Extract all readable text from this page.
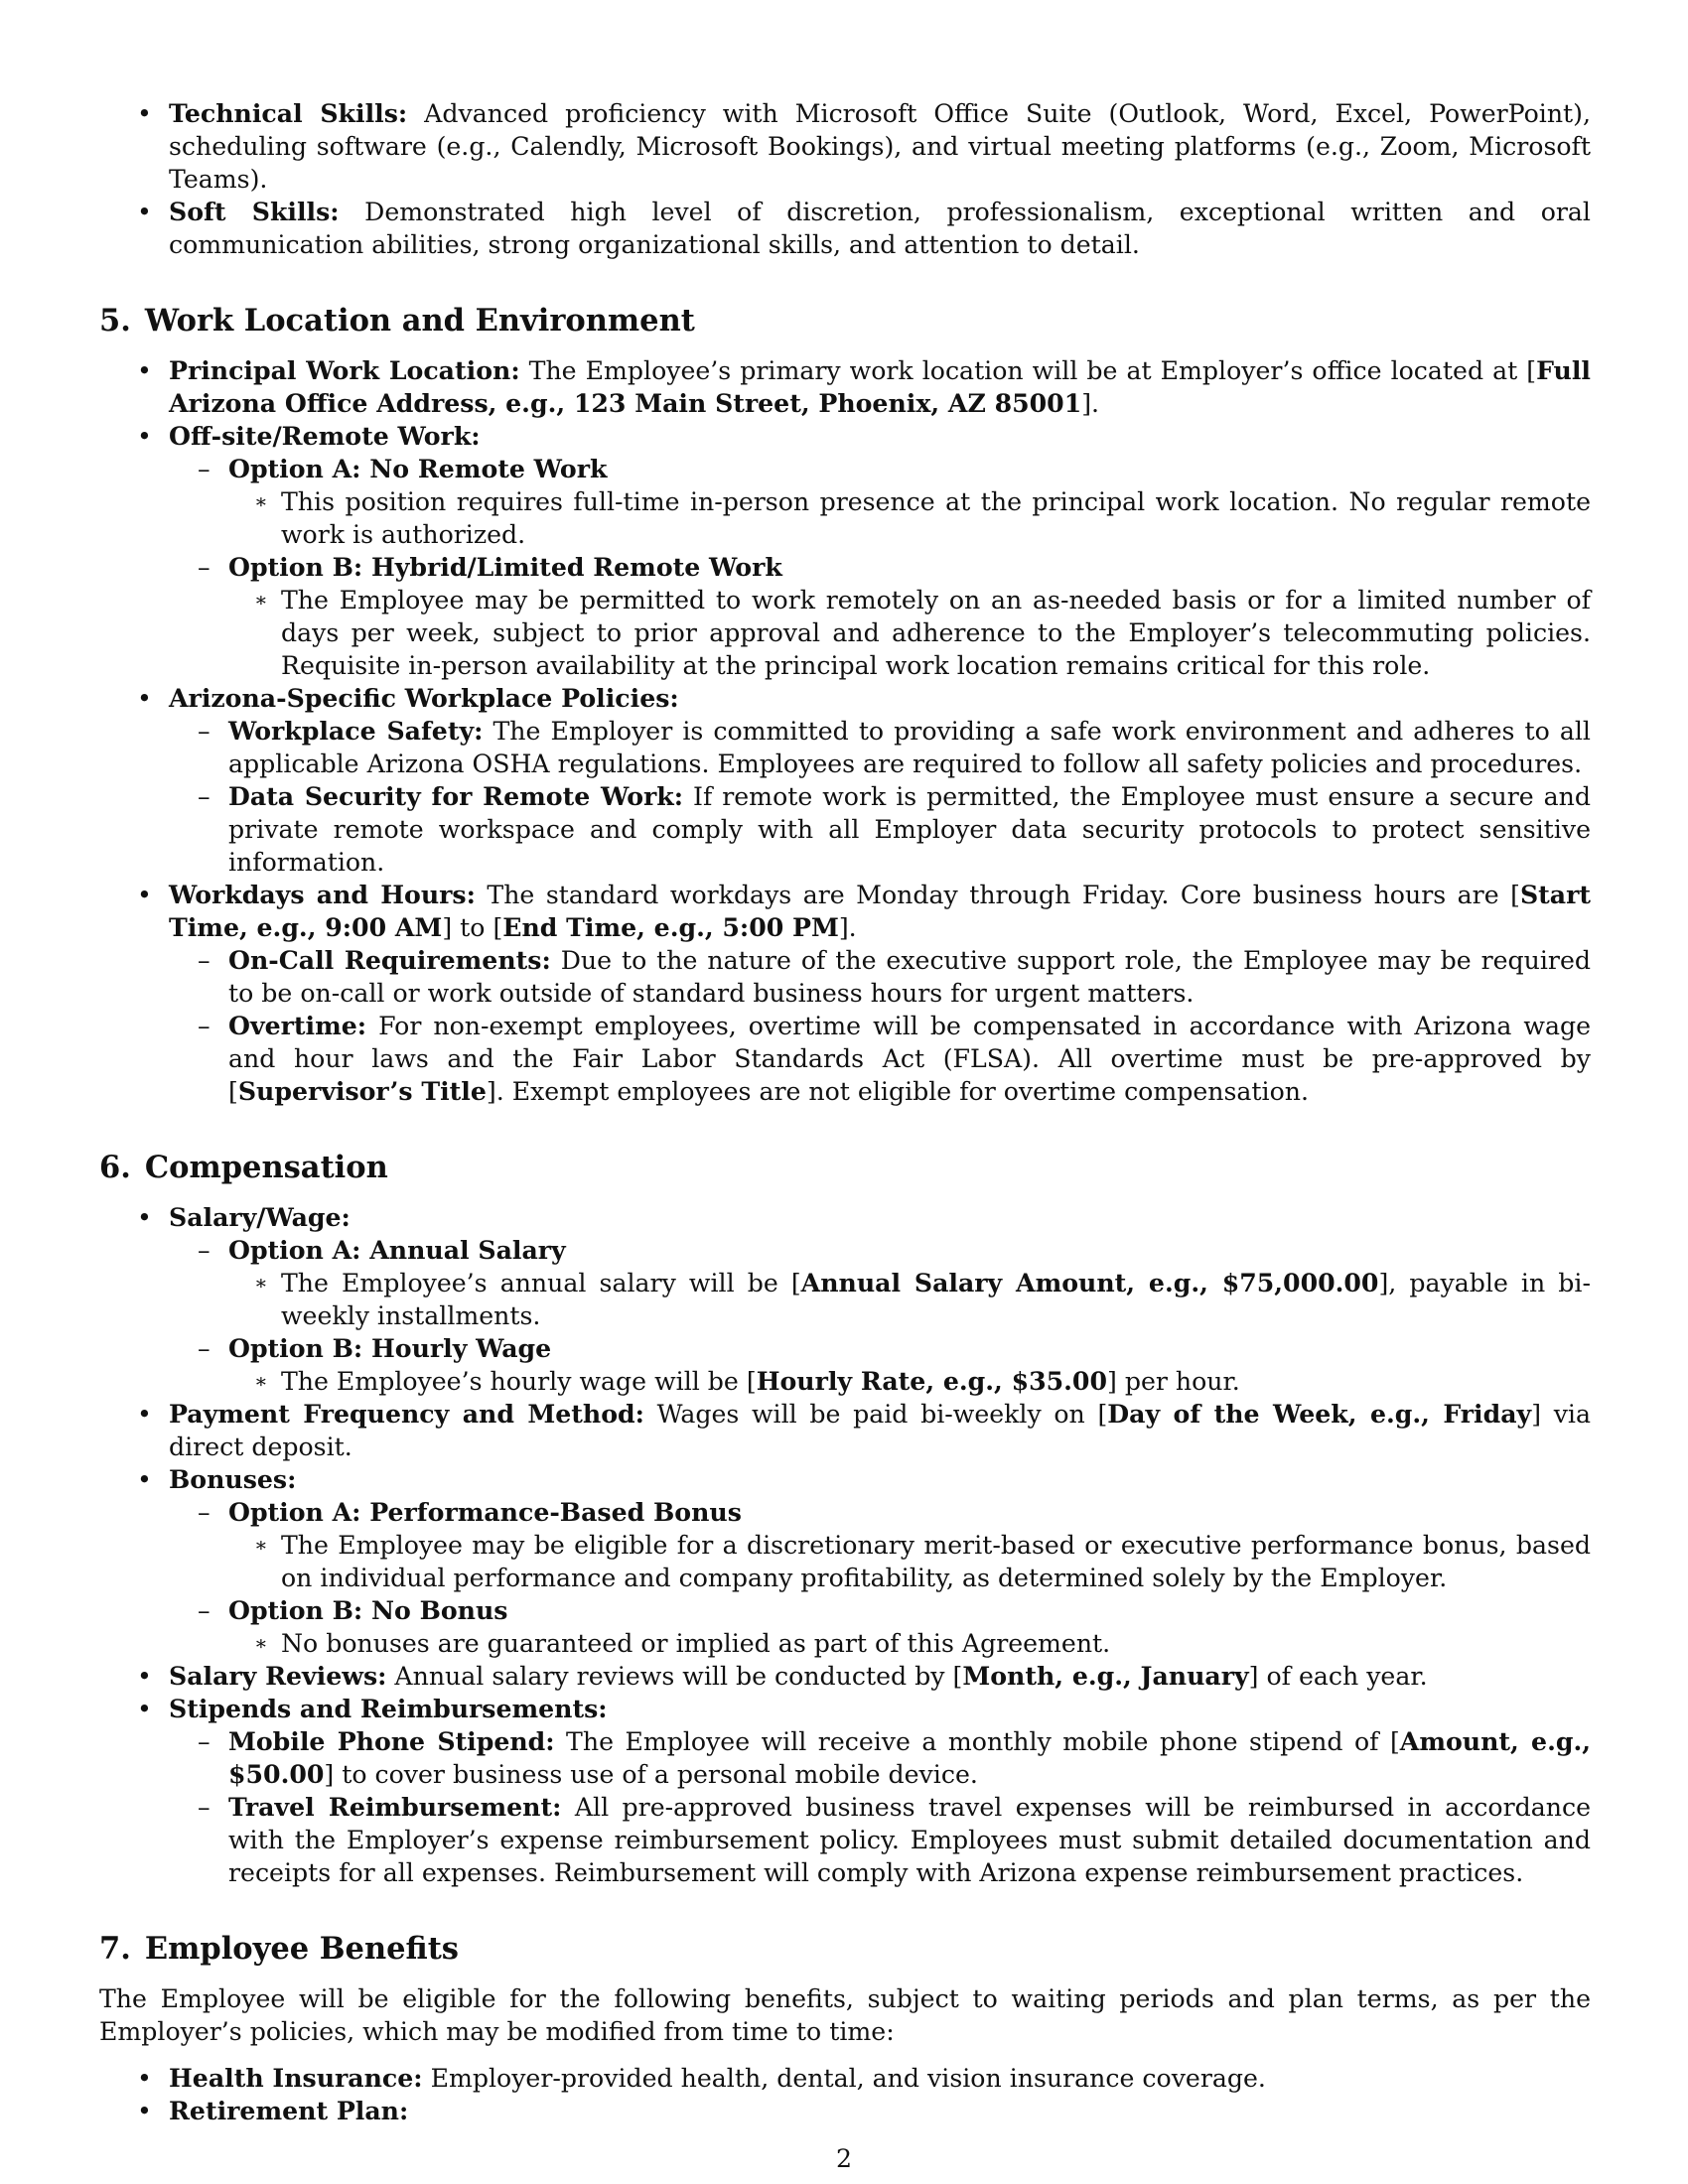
• Technical Skills: Advanced proficiency with Microsoft Office Suite (Outlook, Word, Excel, PowerPoint), scheduling software (e.g., Calendly, Microsoft Bookings), and virtual meeting platforms (e.g., Zoom, Microsoft Teams).
• Soft Skills: Demonstrated high level of discretion, professionalism, exceptional written and oral communication abilities, strong organizational skills, and attention to detail.
5. Work Location and Environment
• Principal Work Location: The Employee’s primary work location will be at Employer’s office located at [Full Arizona Office Address, e.g., 123 Main Street, Phoenix, AZ 85001].
• Off-site/Remote Work:
– Option A: No Remote Work
∗ This position requires full-time in-person presence at the principal work location. No regular remote work is authorized.
– Option B: Hybrid/Limited Remote Work
∗ The Employee may be permitted to work remotely on an as-needed basis or for a limited number of days per week, subject to prior approval and adherence to the Employer’s telecommuting policies. Requisite in-person availability at the principal work location remains critical for this role.
• Arizona-Specific Workplace Policies:
– Workplace Safety: The Employer is committed to providing a safe work environment and adheres to all applicable Arizona OSHA regulations. Employees are required to follow all safety policies and procedures.
– Data Security for Remote Work: If remote work is permitted, the Employee must ensure a secure and private remote workspace and comply with all Employer data security protocols to protect sensitive information.
• Workdays and Hours: The standard workdays are Monday through Friday. Core business hours are [Start Time, e.g., 9:00 AM] to [End Time, e.g., 5:00 PM].
– On-Call Requirements: Due to the nature of the executive support role, the Employee may be required to be on-call or work outside of standard business hours for urgent matters.
– Overtime: For non-exempt employees, overtime will be compensated in accordance with Arizona wage and hour laws and the Fair Labor Standards Act (FLSA). All overtime must be pre-approved by [Supervisor’s Title]. Exempt employees are not eligible for overtime compensation.
6. Compensation
• Salary/Wage:
– Option A: Annual Salary
∗ The Employee’s annual salary will be [Annual Salary Amount, e.g., $75,000.00], payable in bi-weekly installments.
– Option B: Hourly Wage
∗ The Employee’s hourly wage will be [Hourly Rate, e.g., $35.00] per hour.
• Payment Frequency and Method: Wages will be paid bi-weekly on [Day of the Week, e.g., Friday] via direct deposit.
• Bonuses:
– Option A: Performance-Based Bonus
∗ The Employee may be eligible for a discretionary merit-based or executive performance bonus, based on individual performance and company profitability, as determined solely by the Employer.
– Option B: No Bonus
∗ No bonuses are guaranteed or implied as part of this Agreement.
• Salary Reviews: Annual salary reviews will be conducted by [Month, e.g., January] of each year.
• Stipends and Reimbursements:
– Mobile Phone Stipend: The Employee will receive a monthly mobile phone stipend of [Amount, e.g., $50.00] to cover business use of a personal mobile device.
– Travel Reimbursement: All pre-approved business travel expenses will be reimbursed in accordance with the Employer’s expense reimbursement policy. Employees must submit detailed documentation and receipts for all expenses. Reimbursement will comply with Arizona expense reimbursement practices.
7. Employee Benefits

The Employee will be eligible for the following benefits, subject to waiting periods and plan terms, as per the Employer’s policies, which may be modified from time to time:

• Health Insurance: Employer-provided health, dental, and vision insurance coverage.
• Retirement Plan:
2
